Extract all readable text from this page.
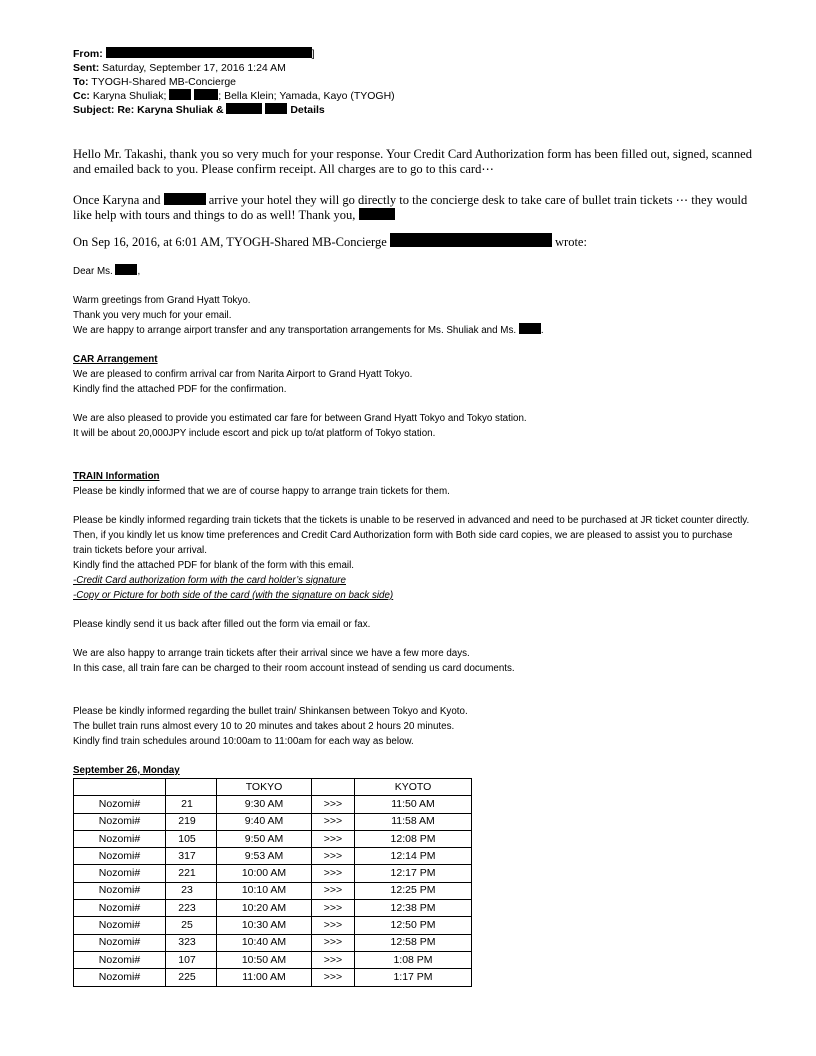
From:	]
Sent: Saturday, September 17, 2016 1:24 AM
To: TYOGH-Shared MB-Concierge
Cc: Karyna Shuliak;	; Bella Klein; Yamada, Kayo (TYOGH)
Subject: Re: Karyna Shuliak &	Details
Hello Mr. Takashi, thank you so very much for your response. Your Credit Card Authorization form has been filled out, signed, scanned and emailed back to you. Please confirm receipt. All charges are to go to this card⋯
Once Karyna and	arrive your hotel they will go directly to the concierge desk to take care of bullet train tickets ⋯ they would like help with tours and things to do as well! Thank you,
On Sep 16, 2016, at 6:01 AM, TYOGH-Shared MB-Concierge	wrote:
Dear Ms.	,
Warm greetings from Grand Hyatt Tokyo.
Thank you very much for your email.
We are happy to arrange airport transfer and any transportation arrangements for Ms. Shuliak and Ms.	.
CAR Arrangement
We are pleased to confirm arrival car from Narita Airport to Grand Hyatt Tokyo.
Kindly find the attached PDF for the confirmation.
We are also pleased to provide you estimated car fare for between Grand Hyatt Tokyo and Tokyo station.
It will be about 20,000JPY include escort and pick up to/at platform of Tokyo station.
TRAIN Information
Please be kindly informed that we are of course happy to arrange train tickets for them.
Please be kindly informed regarding train tickets that the tickets is unable to be reserved in advanced and need to be purchased at JR ticket counter directly.
Then, if you kindly let us know time preferences and Credit Card Authorization form with Both side card copies, we are pleased to assist you to purchase train tickets before your arrival.
Kindly find the attached PDF for blank of the form with this email.
-Credit Card authorization form with the card holder’s signature
-Copy or Picture for both side of the card (with the signature on back side)
Please kindly send it us back after filled out the form via email or fax.
We are also happy to arrange train tickets after their arrival since we have a few more days.
In this case, all train fare can be charged to their room account instead of sending us card documents.
Please be kindly informed regarding the bullet train/ Shinkansen between Tokyo and Kyoto.
The bullet train runs almost every 10 to 20 minutes and takes about 2 hours 20 minutes.
Kindly find train schedules around 10:00am to 11:00am for each way as below.
September 26, Monday
		TOKYO		KYOTO
Nozomi#	21	9:30 AM	>>>	11:50 AM
Nozomi#	219	9:40 AM	>>>	11:58 AM
Nozomi#	105	9:50 AM	>>>	12:08 PM
Nozomi#	317	9:53 AM	>>>	12:14 PM
Nozomi#	221	10:00 AM	>>>	12:17 PM
Nozomi#	23	10:10 AM	>>>	12:25 PM
Nozomi#	223	10:20 AM	>>>	12:38 PM
Nozomi#	25	10:30 AM	>>>	12:50 PM
Nozomi#	323	10:40 AM	>>>	12:58 PM
Nozomi#	107	10:50 AM	>>>	1:08 PM
Nozomi#	225	11:00 AM	>>>	1:17 PM
